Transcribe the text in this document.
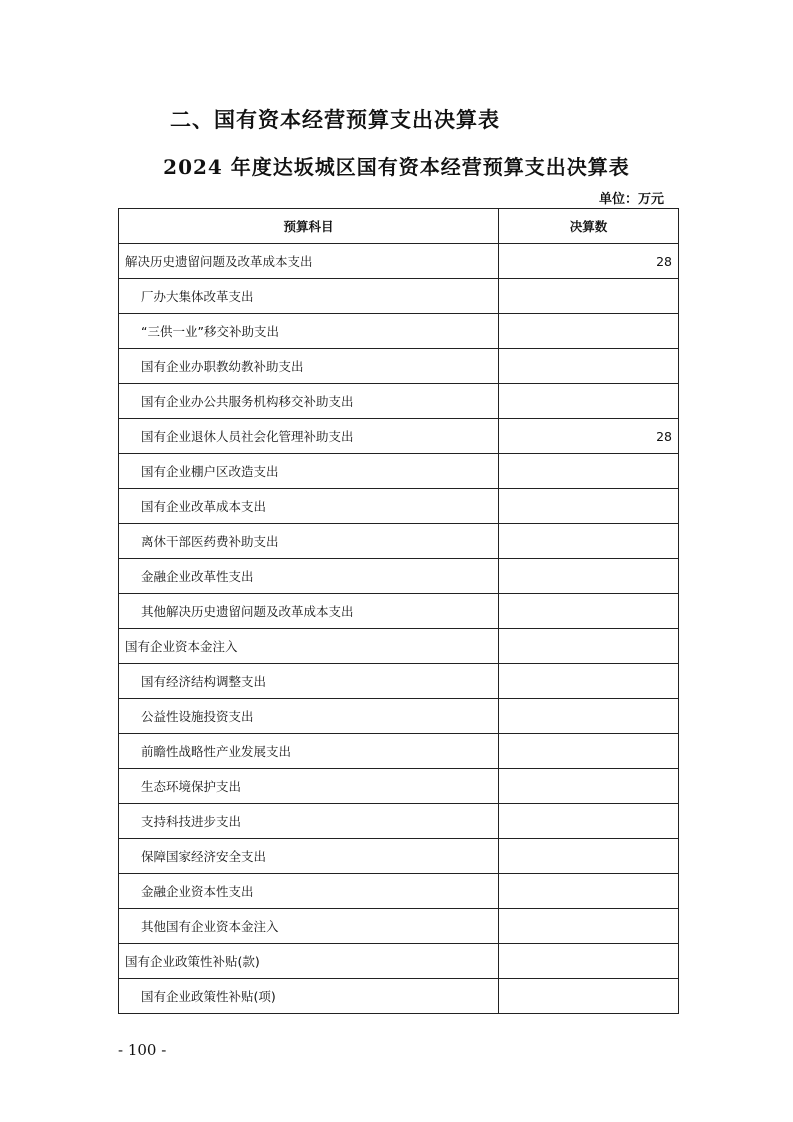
二、国有资本经营预算支出决算表
2024 年度达坂城区国有资本经营预算支出决算表
单位：万元
预算科目	决算数
解决历史遗留问题及改革成本支出	28
厂办大集体改革支出	
“三供一业”移交补助支出	
国有企业办职教幼教补助支出	
国有企业办公共服务机构移交补助支出	
国有企业退休人员社会化管理补助支出	28
国有企业棚户区改造支出	
国有企业改革成本支出	
离休干部医药费补助支出	
金融企业改革性支出	
其他解决历史遗留问题及改革成本支出	
国有企业资本金注入	
国有经济结构调整支出	
公益性设施投资支出	
前瞻性战略性产业发展支出	
生态环境保护支出	
支持科技进步支出	
保障国家经济安全支出	
金融企业资本性支出	
其他国有企业资本金注入	
国有企业政策性补贴(款)	
国有企业政策性补贴(项)	
- 100 -
